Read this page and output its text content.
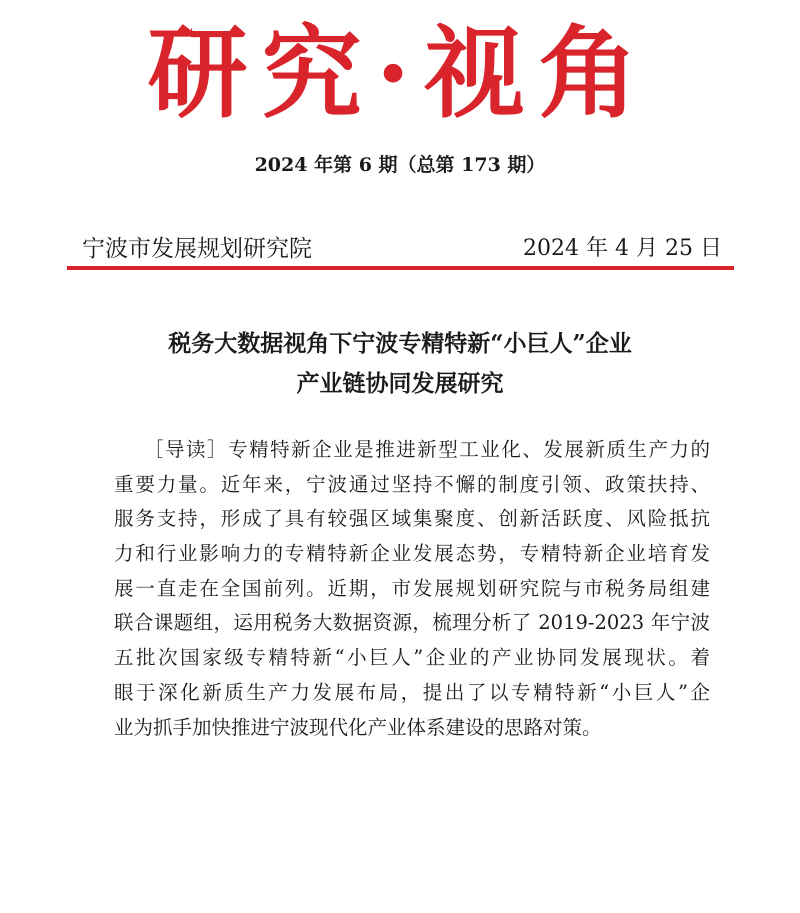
研究·视角
2024 年第 6 期（总第 173 期）
宁波市发展规划研究院	2024 年 4 月 25 日
税务大数据视角下宁波专精特新“小巨人”企业
产业链协同发展研究
［导读］专精特新企业是推进新型工业化、发展新质生产力的
重要力量。近年来，宁波通过坚持不懈的制度引领、政策扶持、
服务支持，形成了具有较强区域集聚度、创新活跃度、风险抵抗
力和行业影响力的专精特新企业发展态势，专精特新企业培育发
展一直走在全国前列。近期，市发展规划研究院与市税务局组建
联合课题组，运用税务大数据资源，梳理分析了 2019-2023 年宁波
五批次国家级专精特新“小巨人”企业的产业协同发展现状。着
眼于深化新质生产力发展布局，提出了以专精特新“小巨人”企
业为抓手加快推进宁波现代化产业体系建设的思路对策。
